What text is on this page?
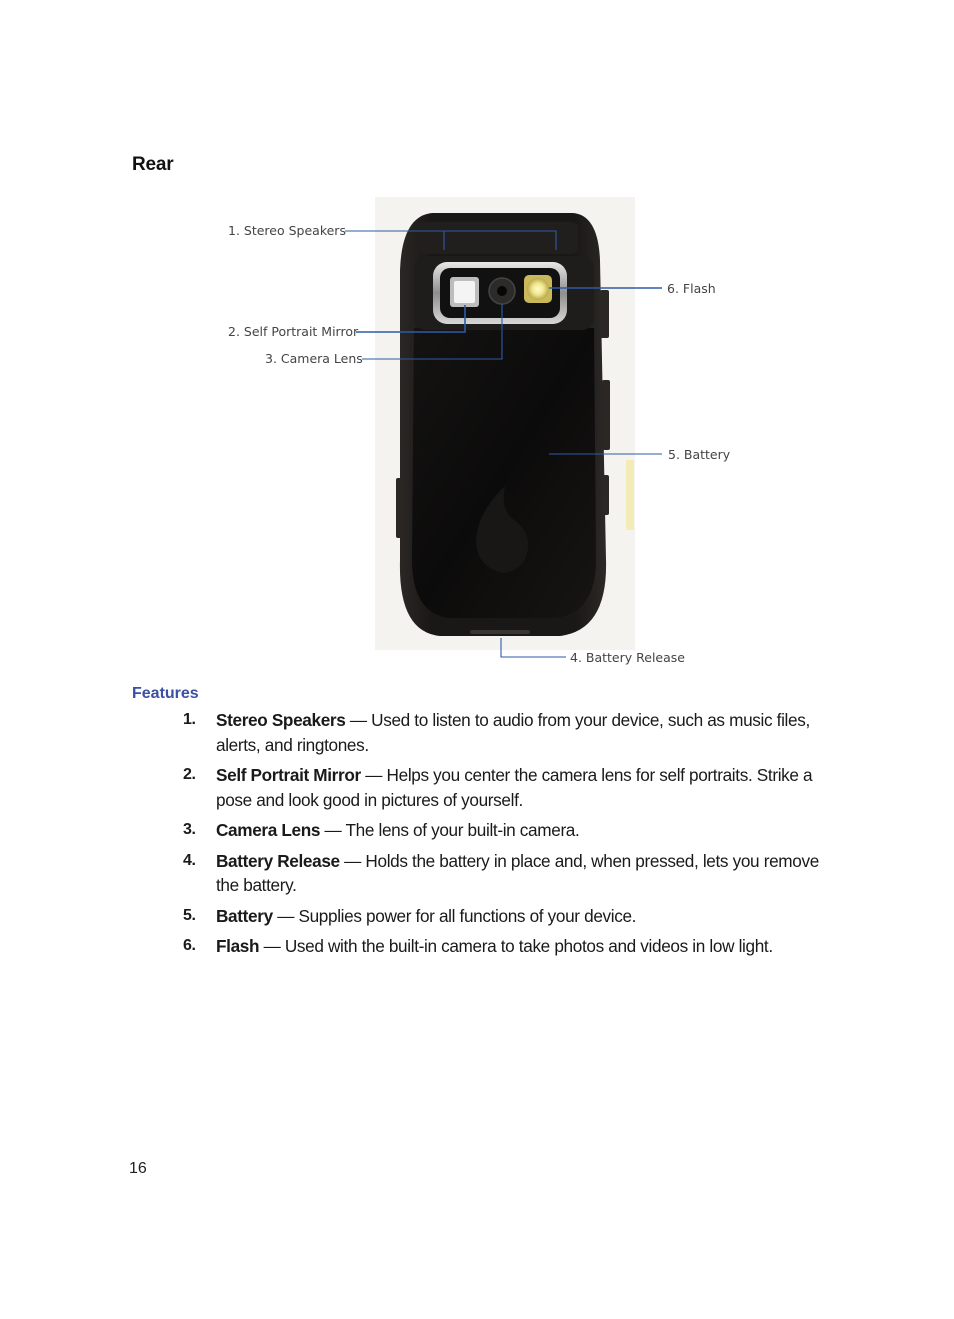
Rear
1. Stereo Speakers
2. Self Portrait Mirror
3. Camera Lens
4. Battery Release
5. Battery
6. Flash
Features
1. Stereo Speakers — Used to listen to audio from your device, such as music files, alerts, and ringtones.
2. Self Portrait Mirror — Helps you center the camera lens for self portraits. Strike a pose and look good in pictures of yourself.
3. Camera Lens — The lens of your built-in camera.
4. Battery Release — Holds the battery in place and, when pressed, lets you remove the battery.
5. Battery — Supplies power for all functions of your device.
6. Flash — Used with the built-in camera to take photos and videos in low light.
16
